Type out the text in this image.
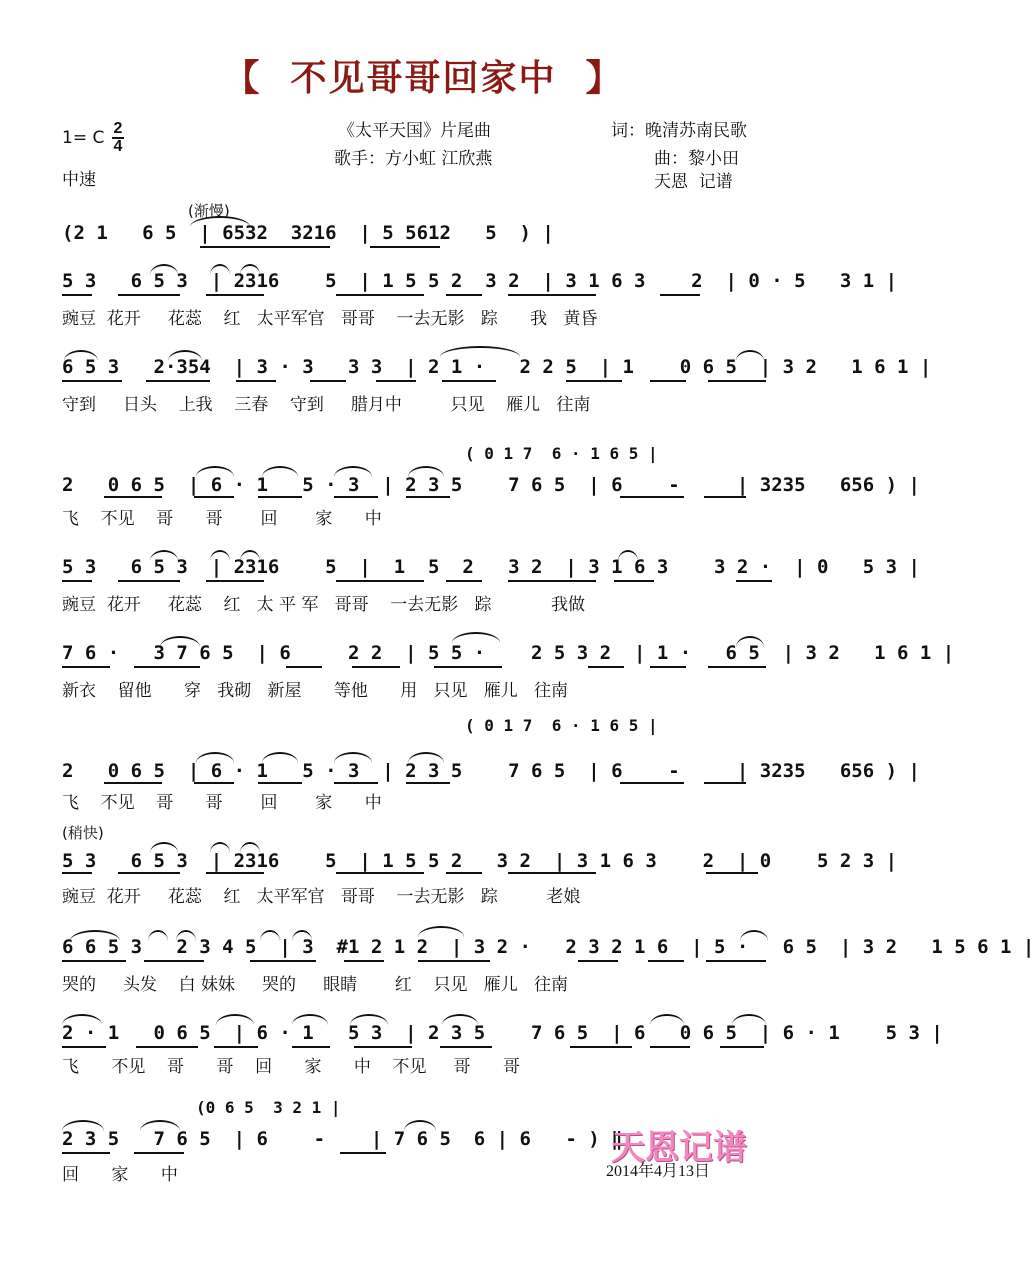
【  不见哥哥回家中  】
1= C 2
4
中速
《太平天国》片尾曲
歌手：方小虹 江欣燕
词：晚清苏南民歌
曲：黎小田
天恩  记谱
(渐慢)
(2 1   6 5  | 6532  3216  | 5 5612   5  ) |
5 3   6 5 3  | 2316    5  | 1 5 5 2  3 2  | 3 1 6 3    2  | 0 · 5   3 1 |
豌豆  花开     花蕊    红   太平军官   哥哥    一去无影   踪      我   黄昏
6 5 3   2·354  | 3 · 3   3 3  | 2 1 ·   2 2 5  | 1    0 6 5  | 3 2   1 6 1 |
守到     日头    上我    三春    守到     腊月中         只见    雁儿   往南
( 0 1 7  6 · 1 6 5 |
2   0 6 5  | 6 · 1   5 · 3  | 2 3 5    7 6 5  | 6    -     | 3235   656 ) |
飞    不见    哥      哥       回       家      中
5 3   6 5 3  | 2316    5  |  1  5  2   3 2  | 3 1 6 3    3 2 ·  | 0   5 3 |
豌豆  花开     花蕊    红   太 平 军   哥哥    一去无影   踪           我做
7 6 ·   3 7 6 5  | 6     2 2  | 5 5 ·    2 5 3 2  | 1 ·   6 5  | 3 2   1 6 1 |
新衣    留他      穿   我砌   新屋      等他      用   只见   雁儿   往南
( 0 1 7  6 · 1 6 5 |
2   0 6 5  | 6 · 1   5 · 3  | 2 3 5    7 6 5  | 6    -     | 3235   656 ) |
飞    不见    哥      哥       回       家      中
(稍快)
5 3   6 5 3  | 2316    5  | 1 5 5 2   3 2  | 3 1 6 3    2  | 0    5 2 3 |
豌豆  花开     花蕊    红   太平军官   哥哥    一去无影   踪         老娘
6 6 5 3   2 3 4 5  | 3  #1 2 1 2  | 3 2 ·   2 3 2 1 6  | 5 ·   6 5  | 3 2   1 5 6 1 |
哭的     头发    白 妹妹     哭的     眼睛       红    只见   雁儿   往南
2 · 1   0 6 5  | 6 · 1   5 3  | 2 3 5    7 6 5  | 6   0 6 5  | 6 · 1    5 3 |
飞      不见    哥      哥    回      家      中    不见     哥      哥
(0 6 5  3 2 1 |
2 3 5   7 6 5  | 6    -    | 7 6 5  6 | 6   - ) ‖
回      家      中
天恩记谱
2014年4月13日
